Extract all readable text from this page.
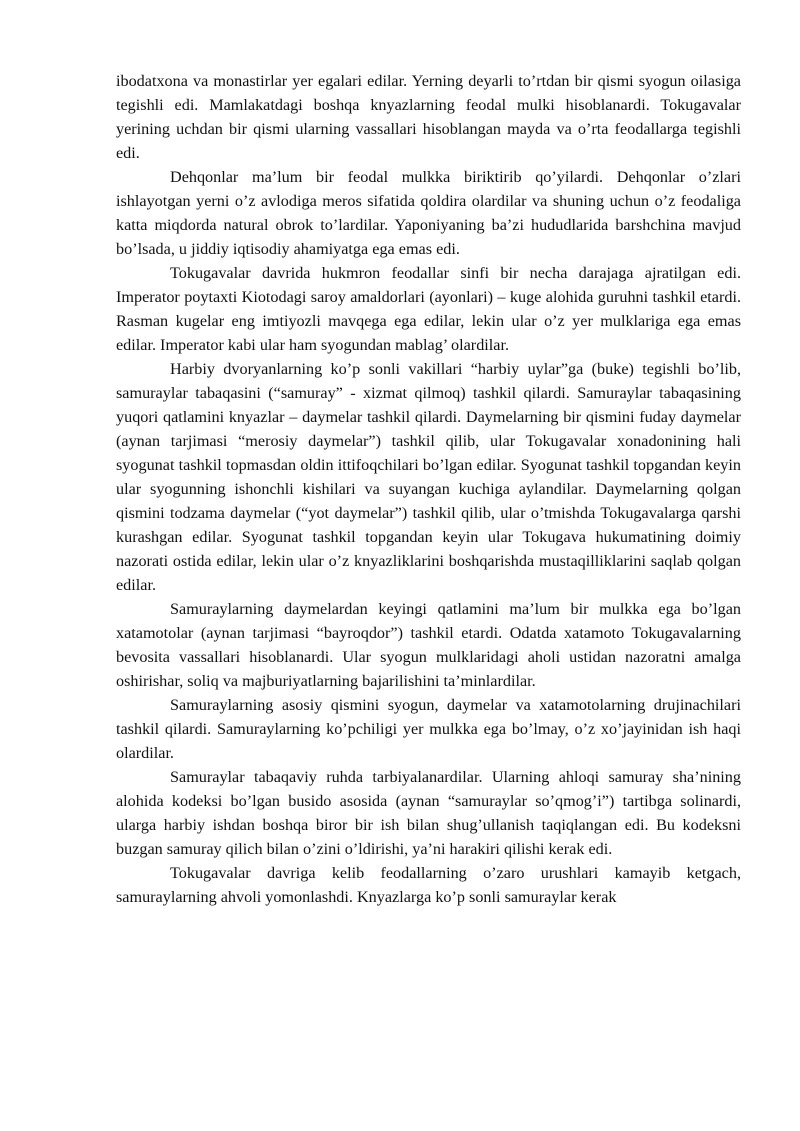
ibodatxona va monastirlar yer egalari edilar. Yerning deyarli to’rtdan bir qismi syogun oilasiga tegishli edi. Mamlakatdagi boshqa knyazlarning feodal mulki hisoblanardi. Tokugavalar yerining uchdan bir qismi ularning vassallari hisoblangan mayda va o’rta feodallarga tegishli edi.

Dehqonlar ma’lum bir feodal mulkka biriktirib qo’yilardi. Dehqonlar o’zlari ishlayotgan yerni o’z avlodiga meros sifatida qoldira olardilar va shuning uchun o’z feodaliga katta miqdorda natural obrok to’lardilar. Yaponiyaning ba’zi hududlarida barshchina mavjud bo’lsada, u jiddiy iqtisodiy ahamiyatga ega emas edi.

Tokugavalar davrida hukmron feodallar sinfi bir necha darajaga ajratilgan edi. Imperator poytaxti Kiotodagi saroy amaldorlari (ayonlari) – kuge alohida guruhni tashkil etardi. Rasman kugelar eng imtiyozli mavqega ega edilar, lekin ular o’z yer mulklariga ega emas edilar. Imperator kabi ular ham syogundan mablag’ olardilar.

Harbiy dvoryanlarning ko’p sonli vakillari “harbiy uylar”ga (buke) tegishli bo’lib, samuraylar tabaqasini (“samuray” - xizmat qilmoq) tashkil qilardi. Samuraylar tabaqasining yuqori qatlamini knyazlar – daymelar tashkil qilardi. Daymelarning bir qismini fuday daymelar (aynan tarjimasi “merosiy daymelar”) tashkil qilib, ular Tokugavalar xonadonining hali syogunat tashkil topmasdan oldin ittifoqchilari bo’lgan edilar. Syogunat tashkil topgandan keyin ular syogunning ishonchli kishilari va suyangan kuchiga aylandilar. Daymelarning qolgan qismini todzama daymelar (“yot daymelar”) tashkil qilib, ular o’tmishda Tokugavalarga qarshi kurashgan edilar. Syogunat tashkil topgandan keyin ular Tokugava hukumatining doimiy nazorati ostida edilar, lekin ular o’z knyazliklarini boshqarishda mustaqilliklarini saqlab qolgan edilar.

Samuraylarning daymelardan keyingi qatlamini ma’lum bir mulkka ega bo’lgan xatamotolar (aynan tarjimasi “bayroqdor”) tashkil etardi. Odatda xatamoto Tokugavalarning bevosita vassallari hisoblanardi. Ular syogun mulklaridagi aholi ustidan nazoratni amalga oshirishar, soliq va majburiyatlarning bajarilishini ta’minlardilar.

Samuraylarning asosiy qismini syogun, daymelar va xatamotolarning drujinachilari tashkil qilardi. Samuraylarning ko’pchiligi yer mulkka ega bo’lmay, o’z xo’jayinidan ish haqi olardilar.

Samuraylar tabaqaviy ruhda tarbiyalanardilar. Ularning ahloqi samuray sha’nining alohida kodeksi bo’lgan busido asosida (aynan “samuraylar so’qmog’i”) tartibga solinardi, ularga harbiy ishdan boshqa biror bir ish bilan shug’ullanish taqiqlangan edi. Bu kodeksni buzgan samuray qilich bilan o’zini o’ldirishi, ya’ni harakiri qilishi kerak edi.

Tokugavalar davriga kelib feodallarning o’zaro urushlari kamayib ketgach, samuraylarning ahvoli yomonlashdi. Knyazlarga ko’p sonli samuraylar kerak
